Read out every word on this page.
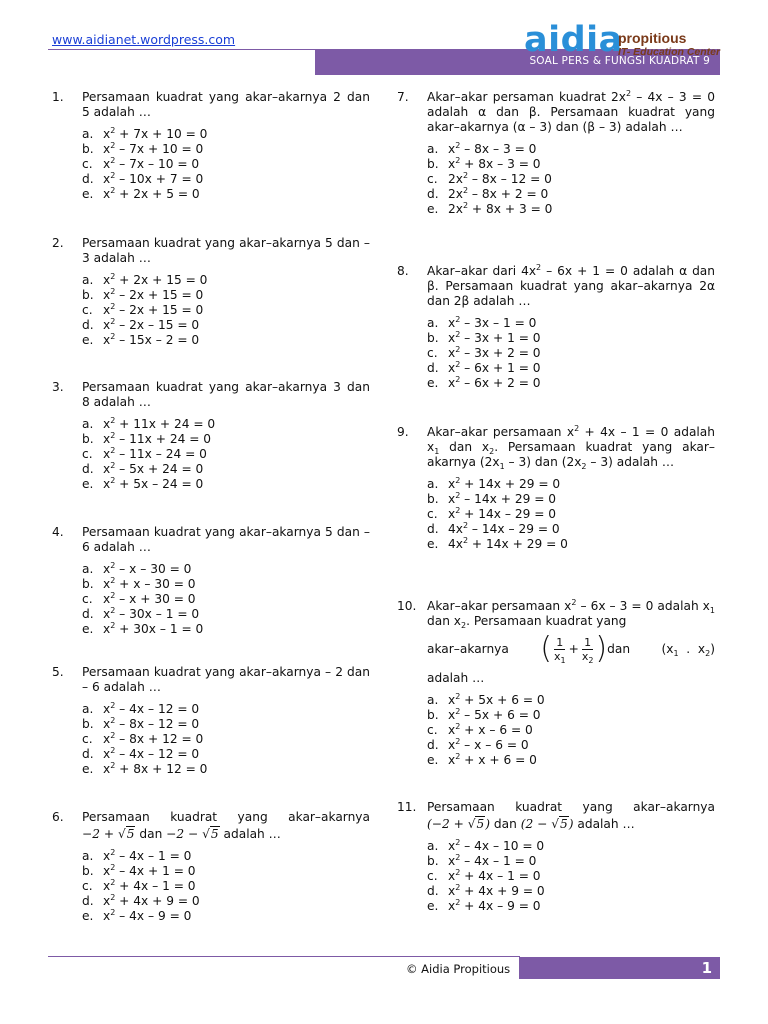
www.aidianet.wordpress.com
SOAL PERS & FUNGSI KUADRAT 9
aidia
propitious
IT- Education Center
1. Persamaan kuadrat yang akar–akarnya 2 dan 5 adalah …
a. $x^2 + 7x + 10 = 0$
b. $x^2 - 7x + 10 = 0$
c. $x^2 - 7x - 10 = 0$
d. $x^2 - 10x + 7 = 0$
e. $x^2 + 2x + 5 = 0$
2. Persamaan kuadrat yang akar–akarnya 5 dan – 3 adalah …
a. $x^2 + 2x + 15 = 0$
b. $x^2 - 2x + 15 = 0$
c. $x^2 - 2x + 15 = 0$
d. $x^2 - 2x - 15 = 0$
e. $x^2 - 15x - 2 = 0$
3. Persamaan kuadrat yang akar–akarnya 3 dan 8 adalah …
a. $x^2 + 11x + 24 = 0$
b. $x^2 - 11x + 24 = 0$
c. $x^2 - 11x - 24 = 0$
d. $x^2 - 5x + 24 = 0$
e. $x^2 + 5x - 24 = 0$
4. Persamaan kuadrat yang akar–akarnya 5 dan – 6 adalah …
a. $x^2 - x - 30 = 0$
b. $x^2 + x - 30 = 0$
c. $x^2 - x + 30 = 0$
d. $x^2 - 30x - 1 = 0$
e. $x^2 + 30x - 1 = 0$
5. Persamaan kuadrat yang akar–akarnya – 2 dan – 6 adalah …
a. $x^2 - 4x - 12 = 0$
b. $x^2 - 8x - 12 = 0$
c. $x^2 - 8x + 12 = 0$
d. $x^2 - 4x - 12 = 0$
e. $x^2 + 8x + 12 = 0$
6. Persamaan kuadrat yang akar–akarnya
−2 + √5 dan −2 − √5 adalah …
a. $x^2 - 4x - 1 = 0$
b. $x^2 - 4x + 1 = 0$
c. $x^2 + 4x - 1 = 0$
d. $x^2 + 4x + 9 = 0$
e. $x^2 - 4x - 9 = 0$
7. Akar–akar persaman kuadrat $2x^2 - 4x - 3 = 0$ adalah α dan β. Persamaan kuadrat yang akar–akarnya (α – 3) dan (β – 3) adalah …
a. $x^2 - 8x - 3 = 0$
b. $x^2 + 8x - 3 = 0$
c. $2x^2 - 8x - 12 = 0$
d. $2x^2 - 8x + 2 = 0$
e. $2x^2 + 8x + 3 = 0$
8. Akar–akar dari $4x^2 - 6x + 1 = 0$ adalah α dan β. Persamaan kuadrat yang akar–akarnya 2α dan 2β adalah …
a. $x^2 - 3x - 1 = 0$
b. $x^2 - 3x + 1 = 0$
c. $x^2 - 3x + 2 = 0$
d. $x^2 - 6x + 1 = 0$
e. $x^2 - 6x + 2 = 0$
9. Akar–akar persamaan $x^2 + 4x - 1 = 0$ adalah $x_1$ dan $x_2$. Persamaan kuadrat yang akar–akarnya $(2x_1 - 3)$ dan $(2x_2 - 3)$ adalah …
a. $x^2 + 14x + 29 = 0$
b. $x^2 - 14x + 29 = 0$
c. $x^2 + 14x - 29 = 0$
d. $4x^2 - 14x - 29 = 0$
e. $4x^2 + 14x + 29 = 0$
10. Akar–akar persamaan $x^2 - 6x - 3 = 0$ adalah $x_1$ dan $x_2$. Persamaan kuadrat yang
akar–akarnya ( $\frac{1}{x_1} + \frac{1}{x_2}$ ) dan	($x_1$ . $x_2$)
adalah …
a. $x^2 + 5x + 6 = 0$
b. $x^2 - 5x + 6 = 0$
c. $x^2 + x - 6 = 0$
d. $x^2 - x - 6 = 0$
e. $x^2 + x + 6 = 0$
11. Persamaan kuadrat yang akar–akarnya
(−2 + √5) dan (2 − √5) adalah …
a. $x^2 - 4x - 10 = 0$
b. $x^2 - 4x - 1 = 0$
c. $x^2 + 4x - 1 = 0$
d. $x^2 + 4x + 9 = 0$
e. $x^2 + 4x - 9 = 0$
© Aidia Propitious	1
